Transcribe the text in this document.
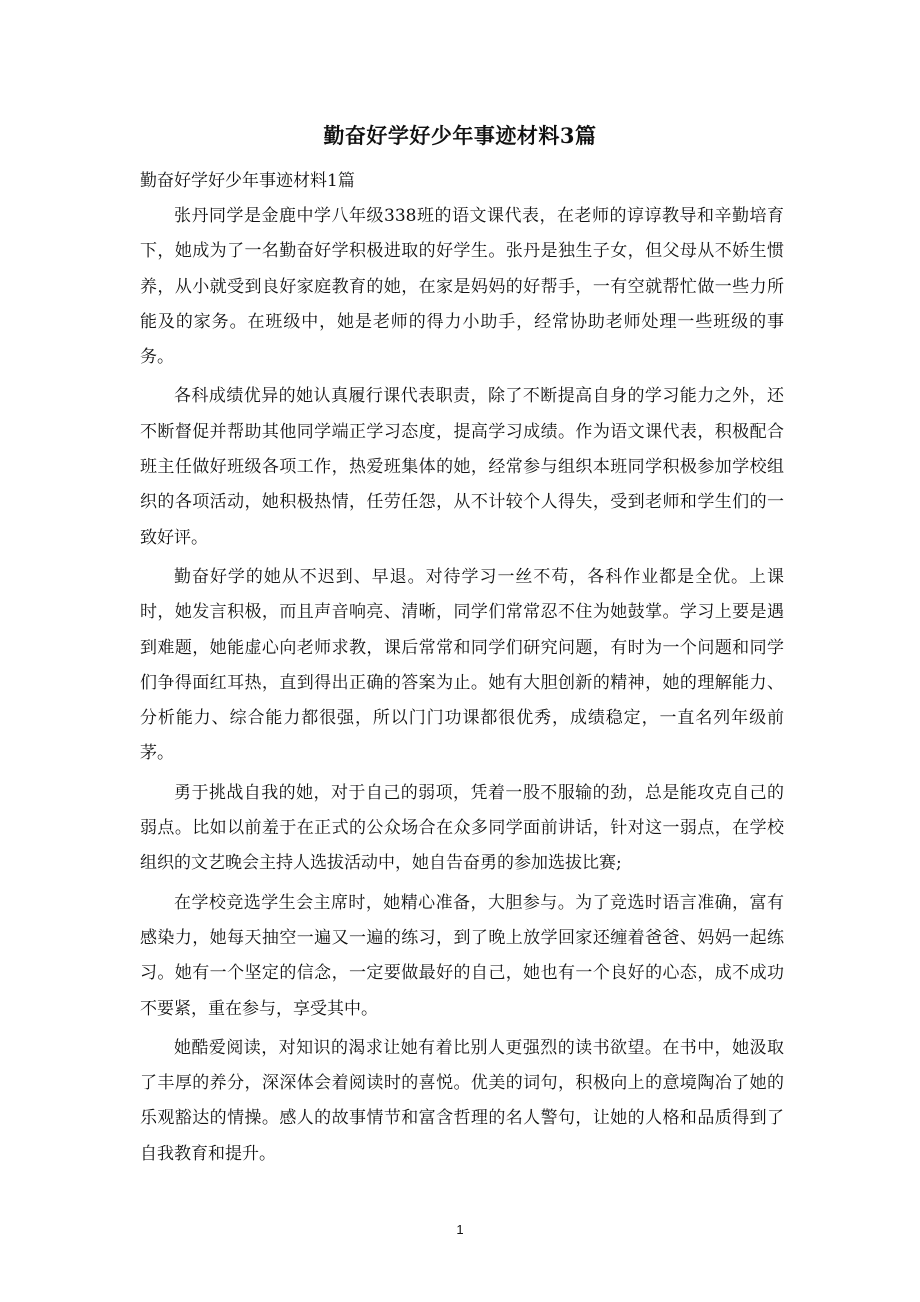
勤奋好学好少年事迹材料3篇

勤奋好学好少年事迹材料1篇

张丹同学是金鹿中学八年级338班的语文课代表，在老师的谆谆教导和辛勤培育下，她成为了一名勤奋好学积极进取的好学生。张丹是独生子女，但父母从不娇生惯养，从小就受到良好家庭教育的她，在家是妈妈的好帮手，一有空就帮忙做一些力所能及的家务。在班级中，她是老师的得力小助手，经常协助老师处理一些班级的事务。

各科成绩优异的她认真履行课代表职责，除了不断提高自身的学习能力之外，还不断督促并帮助其他同学端正学习态度，提高学习成绩。作为语文课代表，积极配合班主任做好班级各项工作，热爱班集体的她，经常参与组织本班同学积极参加学校组织的各项活动，她积极热情，任劳任怨，从不计较个人得失，受到老师和学生们的一致好评。

勤奋好学的她从不迟到、早退。对待学习一丝不苟，各科作业都是全优。上课时，她发言积极，而且声音响亮、清晰，同学们常常忍不住为她鼓掌。学习上要是遇到难题，她能虚心向老师求教，课后常常和同学们研究问题，有时为一个问题和同学们争得面红耳热，直到得出正确的答案为止。她有大胆创新的精神，她的理解能力、分析能力、综合能力都很强，所以门门功课都很优秀，成绩稳定，一直名列年级前茅。

勇于挑战自我的她，对于自己的弱项，凭着一股不服输的劲，总是能攻克自己的弱点。比如以前羞于在正式的公众场合在众多同学面前讲话，针对这一弱点，在学校组织的文艺晚会主持人选拔活动中，她自告奋勇的参加选拔比赛;

在学校竞选学生会主席时，她精心准备，大胆参与。为了竞选时语言准确，富有感染力，她每天抽空一遍又一遍的练习，到了晚上放学回家还缠着爸爸、妈妈一起练习。她有一个坚定的信念，一定要做最好的自己，她也有一个良好的心态，成不成功不要紧，重在参与，享受其中。

她酷爱阅读，对知识的渴求让她有着比别人更强烈的读书欲望。在书中，她汲取了丰厚的养分，深深体会着阅读时的喜悦。优美的词句，积极向上的意境陶冶了她的乐观豁达的情操。感人的故事情节和富含哲理的名人警句，让她的人格和品质得到了自我教育和提升。

1
